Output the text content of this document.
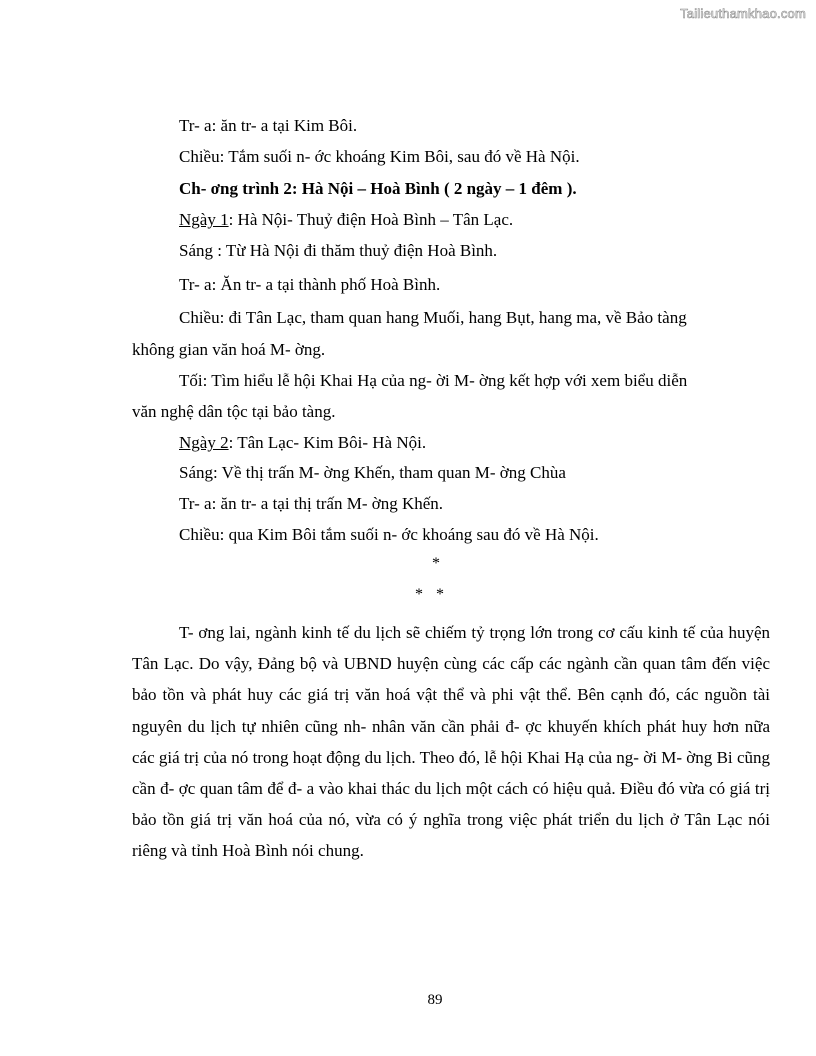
Tailieuthamkhao.com
Tr- a: ăn tr- a tại Kim Bôi.
Chiều: Tắm suối n- ớc khoáng Kim Bôi, sau đó về Hà Nội.
Ch- ơng trình 2: Hà Nội – Hoà Bình ( 2 ngày – 1 đêm ).
Ngày 1: Hà Nội- Thuỷ điện Hoà Bình – Tân Lạc.
Sáng : Từ Hà Nội đi thăm thuỷ điện Hoà Bình.
Tr- a: Ăn tr- a tại thành phố Hoà Bình.
Chiều: đi Tân Lạc, tham quan hang Muối, hang Bụt, hang ma, về Bảo tàng
không gian văn hoá M- ờng.
Tối: Tìm hiểu lễ hội Khai Hạ của ng- ời M- ờng kết hợp với xem biểu diễn
văn nghệ dân tộc tại bảo tàng.
Ngày 2: Tân Lạc- Kim Bôi- Hà Nội.
Sáng: Về thị trấn M- ờng Khến, tham quan M- ờng Chùa
Tr- a: ăn tr- a tại thị trấn M- ờng Khến.
Chiều: qua Kim Bôi tắm suối n- ớc khoáng sau đó về Hà Nội.
*
* *
T- ơng lai, ngành kinh tế du lịch sẽ chiếm tỷ trọng lớn trong cơ cấu kinh tế của huyện Tân Lạc. Do vậy, Đảng bộ và UBND huyện cùng các cấp các ngành cần quan tâm đến việc bảo tồn và phát huy các giá trị văn hoá vật thể và phi vật thể. Bên cạnh đó, các nguồn tài nguyên du lịch tự nhiên cũng nh- nhân văn cần phải đ- ợc khuyến khích phát huy hơn nữa các giá trị của nó trong hoạt động du lịch. Theo đó, lễ hội Khai Hạ của ng- ời M- ờng Bi cũng cần đ- ợc quan tâm để đ- a vào khai thác du lịch một cách có hiệu quả. Điều đó vừa có giá trị bảo tồn giá trị văn hoá của nó, vừa có ý nghĩa trong việc phát triển du lịch ở Tân Lạc nói riêng và tỉnh Hoà Bình nói chung.
89
